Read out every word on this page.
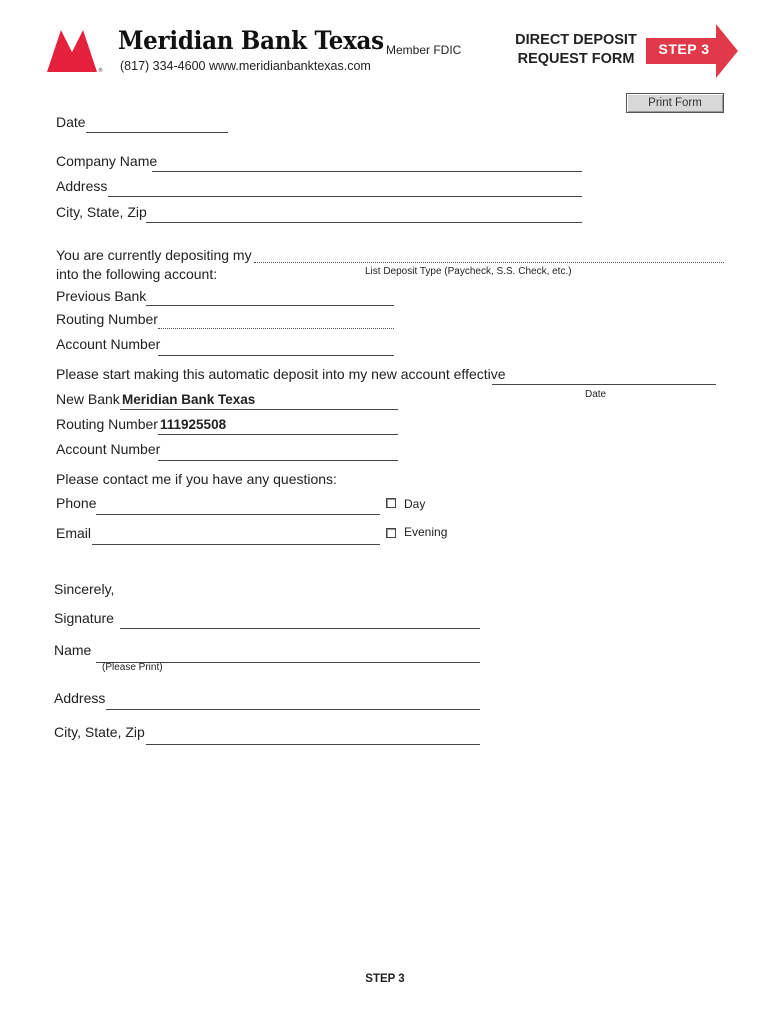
®
Meridian Bank Texas Member FDIC
(817) 334-4600 www.meridianbanktexas.com
DIRECT DEPOSIT
REQUEST FORM
STEP 3
Print Form
Date
Company Name
Address
City, State, Zip
You are currently depositing my
into the following account:	List Deposit Type (Paycheck, S.S. Check, etc.)
Previous Bank
Routing Number
Account Number
Please start making this automatic deposit into my new account effective
Date
New Bank Meridian Bank Texas
Routing Number 111925508
Account Number
Please contact me if you have any questions:
Phone	Day
Email	Evening
Sincerely,
Signature
Name
(Please Print)
Address
City, State, Zip
STEP 3
